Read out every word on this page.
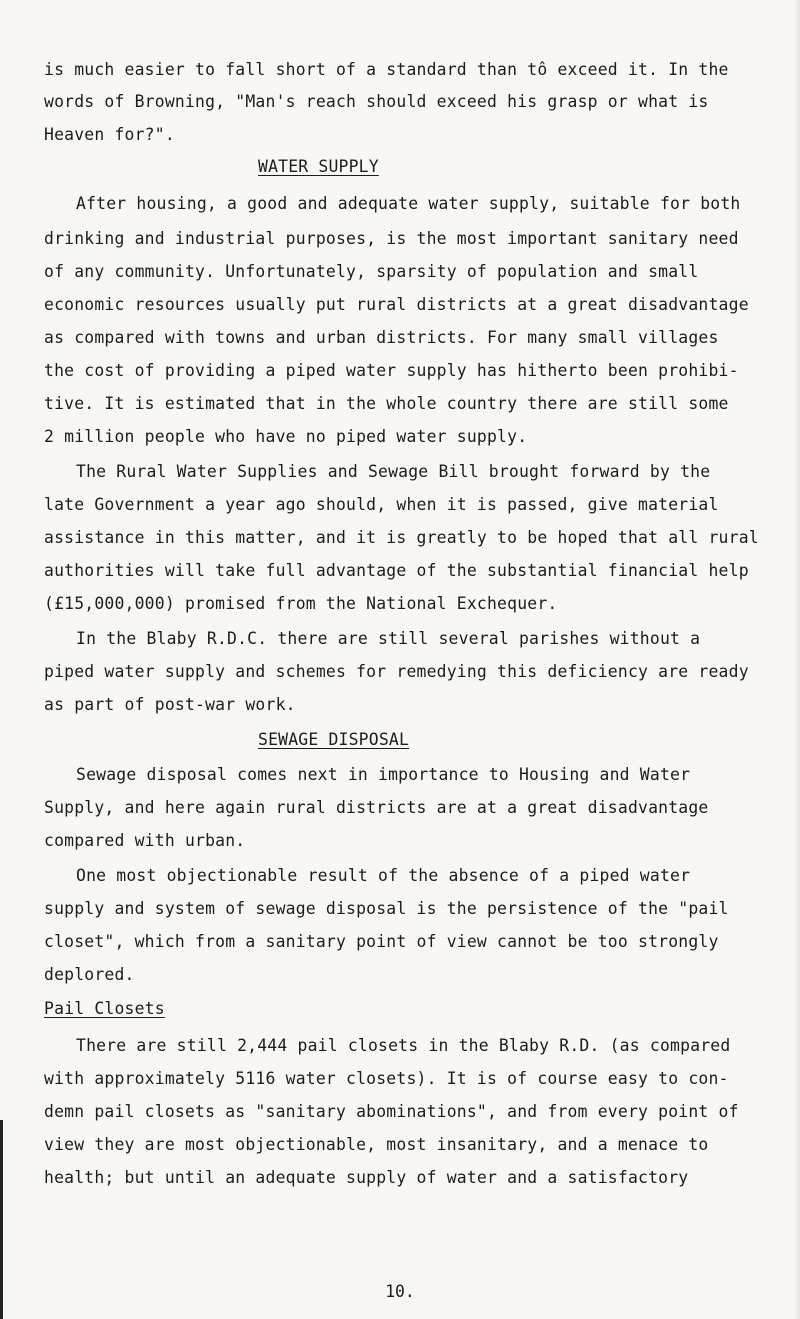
is much easier to fall short of a standard than tô exceed it. In the

words of Browning, "Man's reach should exceed his grasp or what is

Heaven for?".

WATER SUPPLY

After housing, a good and adequate water supply, suitable for both

drinking and industrial purposes, is the most important sanitary need

of any community. Unfortunately, sparsity of population and small

economic resources usually put rural districts at a great disadvantage

as compared with towns and urban districts. For many small villages

the cost of providing a piped water supply has hitherto been prohibi-

tive. It is estimated that in the whole country there are still some

2 million people who have no piped water supply.

The Rural Water Supplies and Sewage Bill brought forward by the

late Government a year ago should, when it is passed, give material

assistance in this matter, and it is greatly to be hoped that all rural

authorities will take full advantage of the substantial financial help

(£15,000,000) promised from the National Exchequer.

In the Blaby R.D.C. there are still several parishes without a

piped water supply and schemes for remedying this deficiency are ready

as part of post-war work.

SEWAGE DISPOSAL

Sewage disposal comes next in importance to Housing and Water

Supply, and here again rural districts are at a great disadvantage

compared with urban.

One most objectionable result of the absence of a piped water

supply and system of sewage disposal is the persistence of the "pail

closet", which from a sanitary point of view cannot be too strongly

deplored.

Pail Closets

There are still 2,444 pail closets in the Blaby R.D. (as compared

with approximately 5116 water closets). It is of course easy to con-

demn pail closets as "sanitary abominations", and from every point of

view they are most objectionable, most insanitary, and a menace to

health; but until an adequate supply of water and a satisfactory

10.
